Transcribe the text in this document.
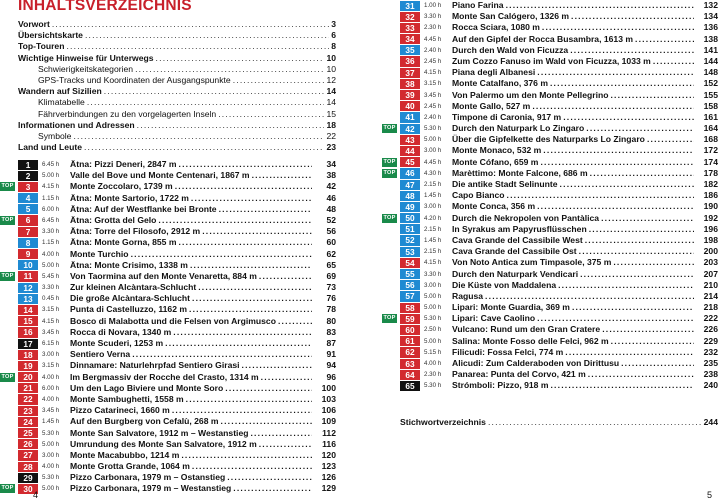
INHALTSVERZEICHNIS
Vorwort . . .	3
Übersichtskarte . . .	6
Top-Touren . . .	8
Wichtige Hinweise für Unterwegs . . .	10
Schwierigkeitskategorien . . .	10
GPS-Tracks und Koordinaten der Ausgangspunkte . . .	12
Wandern auf Sizilien . . .	14
Klimatabelle . . .	14
Fährverbindungen zu den vorgelagerten Inseln . . .	15
Informationen und Adressen . . .	18
Symbole . . .	22
Land und Leute . . .	23
1	6.45 h	Ätna: Pizzi Deneri, 2847 m . . .	34
2	5.00 h	Valle del Bove und Monte Centenari, 1867 m . . .	38
TOP	3	4.15 h	Monte Zoccolaro, 1739 m . . .	42
4	1.15 h	Ätna: Monte Sartorio, 1722 m . . .	46
5	6.00 h	Ätna: Auf der Westflanke bei Bronte . . .	48
TOP	6	6.45 h	Ätna: Grotta del Gelo . . .	52
7	3.30 h	Ätna: Torre del Filosofo, 2912 m . . .	56
8	1.15 h	Ätna: Monte Gorna, 855 m . . .	60
9	4.00 h	Monte Turchio . . .	62
10	5.00 h	Ätna: Monte Crisimo, 1338 m . . .	65
TOP	11	5.45 h	Von Taormina auf den Monte Venaretta, 884 m . . .	69
12	3.30 h	Zur kleinen Alcàntara-Schlucht . . .	73
13	0.45 h	Die große Alcàntara-Schlucht . . .	76
14	3.15 h	Punta di Castelluzzo, 1162 m . . .	78
15	4.15 h	Bosco di Malabotta und die Felsen von Argimusco . . .	80
16	3.45 h	Rocca di Novara, 1340 m . . .	83
17	6.15 h	Monte Scuderi, 1253 m . . .	87
18	3.00 h	Sentiero Verna . . .	91
19	3.15 h	Dinnamare: Naturlehrpfad Sentiero Girasi . . .	94
TOP	20	4.00 h	Im Bergmassiv der Rocche del Crasto, 1314 m . . .	96
21	6.00 h	Um den Lago Biviere und Monte Soro . . .	100
22	4.00 h	Monte Sambughetti, 1558 m . . .	103
23	3.45 h	Pizzo Catarineci, 1660 m . . .	106
24	1.45 h	Auf den Burgberg von Cefalù, 268 m . . .	109
25	5.30 h	Monte San Salvatore, 1912 m – Westanstieg . . .	112
26	5.00 h	Umrundung des Monte San Salvatore, 1912 m . . .	116
27	3.00 h	Monte Macabubbo, 1214 m . . .	120
28	4.00 h	Monte Grotta Grande, 1064 m . . .	123
29	5.30 h	Pizzo Carbonara, 1979 m – Ostanstieg . . .	126
TOP	30	5.00 h	Pizzo Carbonara, 1979 m – Westanstieg . . .	129
4
31	1.00 h	Piano Farina . . .	132
32	3.30 h	Monte San Calógero, 1326 m . . .	134
33	2.30 h	Rocca Sciara, 1080 m . . .	136
34	4.45 h	Auf den Gipfel der Rocca Busambra, 1613 m . . .	138
35	2.40 h	Durch den Wald von Ficuzza . . .	141
36	2.45 h	Zum Cozzo Fanuso im Wald von Ficuzza, 1033 m . . .	144
37	4.15 h	Piana degli Albanesi . . .	148
38	3.15 h	Monte Catalfano, 376 m . . .	152
39	3.45 h	Von Palermo um den Monte Pellegrino . . .	155
40	2.45 h	Monte Gallo, 527 m . . .	158
41	2.40 h	Timpone di Caronia, 917 m . . .	161
TOP	42	5.30 h	Durch den Naturpark Lo Zingaro . . .	164
43	5.00 h	Über die Gipfelkette des Naturparks Lo Zingaro . . .	168
44	3.00 h	Monte Monaco, 532 m . . .	172
TOP	45	4.45 h	Monte Cófano, 659 m . . .	174
TOP	46	4.30 h	Marèttimo: Monte Falcone, 686 m . . .	178
47	2.15 h	Die antike Stadt Selinunte . . .	182
48	1.45 h	Capo Bianco . . .	186
49	3.00 h	Monte Conca, 356 m . . .	190
TOP	50	4.20 h	Durch die Nekropolen von Pantàlica . . .	192
51	2.15 h	In Syrakus am Papyrusflüsschen . . .	196
52	1.45 h	Cava Grande del Cassibile West . . .	198
53	2.15 h	Cava Grande del Cassibile Ost . . .	200
54	4.15 h	Von Noto Antica zum Timpasole, 375 m . . .	203
55	3.30 h	Durch den Naturpark Vendicari . . .	207
56	3.00 h	Die Küste von Maddalena . . .	210
57	5.00 h	Ragusa . . .	214
58	5.00 h	Lipari: Monte Guardia, 369 m . . .	218
TOP	59	5.30 h	Lipari: Cave Caolino . . .	222
60	2.50 h	Vulcano: Rund um den Gran Cratere . . .	226
61	5.00 h	Salina: Monte Fosso delle Felci, 962 m . . .	229
62	5.15 h	Filicudi: Fossa Felci, 774 m . . .	232
63	4.00 h	Alicudi: Zum Calderaboden von Dirittusu . . .	235
64	2.30 h	Panarea: Punta del Corvo, 421 m . . .	238
65	5.30 h	Strómboli: Pizzo, 918 m . . .	240
Stichwortverzeichnis . . .	244
5
